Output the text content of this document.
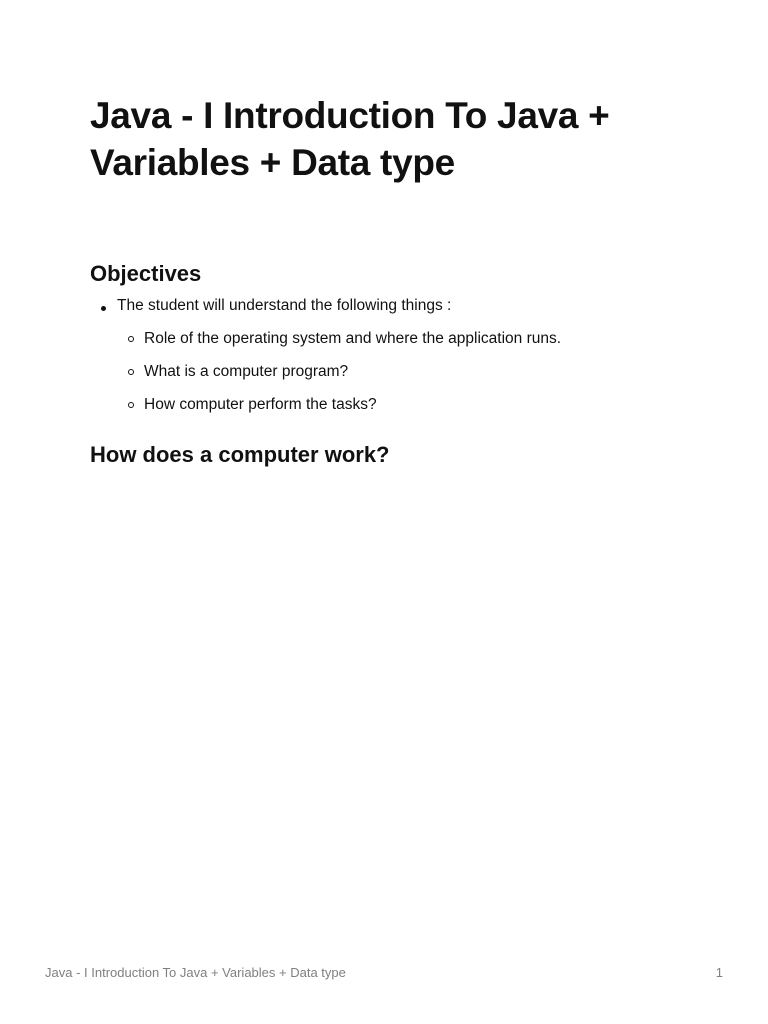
Java - I Introduction To Java + Variables + Data type
Objectives
The student will understand the following things :
Role of the operating system and where the application runs.
What is a computer program?
How computer perform the tasks?
How does a computer work?
Java - I Introduction To Java + Variables + Data type	1
